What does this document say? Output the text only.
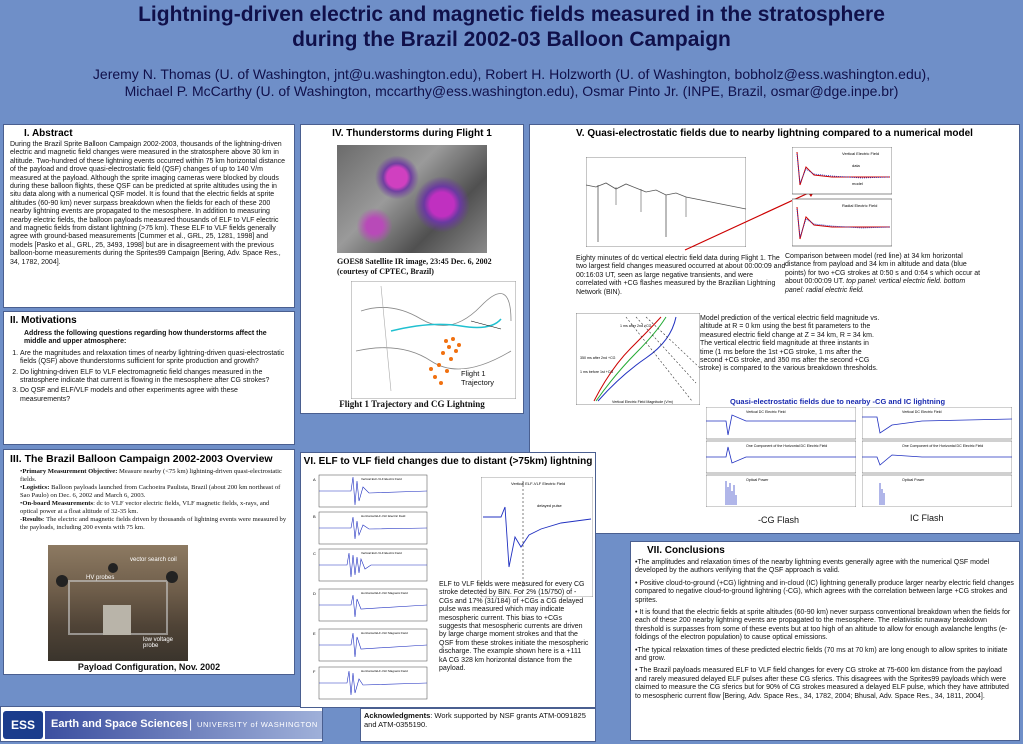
Lightning-driven electric and magnetic fields measured in the stratosphere
during the Brazil 2002-03 Balloon Campaign
Jeremy N. Thomas (U. of Washington, jnt@u.washington.edu), Robert H. Holzworth (U. of Washington, bobholz@ess.washington.edu),
Michael P. McCarthy (U. of Washington, mccarthy@ess.washington.edu), Osmar Pinto Jr. (INPE, Brazil, osmar@dge.inpe.br)
I. Abstract
During the Brazil Sprite Balloon Campaign 2002-2003, thousands of the lightning-driven electric and magnetic field changes were measured in the stratosphere above 30 km in altitude. Two-hundred of these lightning events occurred within 75 km horizontal distance of the payload and drove quasi-electrostatic field (QSF) changes of up to 140 V/m measured at the payload. Although the sprite imaging cameras were blocked by clouds during these balloon flights, these QSF can be predicted at sprite altitudes using the in situ data along with a numerical QSF model. It is found that the electric fields at sprite altitudes (60-90 km) never surpass breakdown when the fields for each of these 200 nearby lightning events are propagated to the mesosphere. In addition to measuring nearby electric fields, the balloon payloads measured thousands of ELF to VLF electric and magnetic fields from distant lightning (>75 km). These ELF to VLF fields generally agree with ground-based measurements [Cummer et al., GRL, 25, 1281, 1998] and models [Pasko et al., GRL, 25, 3493, 1998] but are in disagreement with the previous balloon-borne measurements during the Sprites99 Campaign [Bering, Adv. Space Res., 34, 1782, 2004].
II. Motivations
Address the following questions regarding how thunderstorms affect the middle and upper atmosphere:
1. Are the magnitudes and relaxation times of nearby lightning-driven quasi-electrostatic fields (QSF) above thunderstorms sufficient for sprite production and growth?
2. Do lightning-driven ELF to VLF electromagnetic field changes measured in the stratosphere indicate that current is flowing in the mesosphere after CG strokes?
3. Do QSF and ELF/VLF models and other experiments agree with these measurements?
III. The Brazil Balloon Campaign 2002-2003 Overview
•Primary Measurement Objective: Measure nearby (<75 km) lightning-driven quasi-electrostatic fields.
•Logistics: Balloon payloads launched from Cachoeira Paulista, Brazil (about 200 km northeast of Sao Paulo) on Dec. 6, 2002 and March 6, 2003.
•On-board Measurements: dc to VLF vector electric fields, VLF magnetic fields, x-rays, and optical power at a float altitude of 32-35 km.
-Results: The electric and magnetic fields driven by thousands of lightning events were measured by the payloads, including 200 events with 75 km.
vector search coil
HV probes
low voltage probe
Payload Configuration, Nov. 2002
ESS	Earth and Space Sciences | UNIVERSITY of WASHINGTON
IV. Thunderstorms during Flight 1
GOES8 Satellite IR image, 23:45 Dec. 6, 2002 (courtesy of CPTEC, Brazil)
Flight 1 Trajectory
Flight 1 Trajectory and CG Lightning
V. Quasi-electrostatic fields due to nearby lightning compared to a numerical model
Eighty minutes of dc vertical electric field data during Flight 1. The two largest field changes measured occurred at about 00:00:09 and 00:16:03 UT, seen as large negative transients, and were correlated with +CG flashes measured by the Brazilian Lightning Network (BIN).
Vertical Electric Field
Radial Electric Field
data
model
Comparison between model (red line) at 34 km horizontal distance from payload and 34 km in altitude and data (blue points) for two +CG strokes at 0:50 s and 0:64 s which occur at about 00:00:09 UT. top panel: vertical electric field. bottom panel: radial electric field.
1 ms after 2nd +CG
350 ms after 2nd +CG
1 ms before 1st +CG
Vertical Electric Field Magnitude (V/m)
Model prediction of the vertical electric field magnitude vs. altitude at R = 0 km using the best fit parameters to the measured electric field change at Z = 34 km, R = 34 km. The vertical electric field magnitude at three instants in time (1 ms before the 1st +CG stroke, 1 ms after the second +CG stroke, and 350 ms after the second +CG stroke) is compared to the various breakdown thresholds.
Quasi-electrostatic fields due to nearby -CG and IC lightning
Vertical DC Electric Field
One Component of the Horizontal DC Electric Field
Optical Power
Vertical DC Electric Field
One Component of the Horizontal DC Electric Field
Optical Power
-CG Flash	IC Flash
VI. ELF to VLF field changes due to distant (>75km) lightning
A
B
C
D
E
F
Vertical ELF-VLF Electric Field
Horizontal ELF-VLF Electric Field
Vertical ELF-VLF Electric Field
Horizontal ELF-VLF Magnetic Field
Horizontal ELF-VLF Magnetic Field
Horizontal ELF-VLF Magnetic Field
Vertical ELF-VLF Electric Field
delayed pulse
ELF to VLF fields were measured for every CG stroke detected by BIN. For 2% (15/750) of -CGs and 17% (31/184) of +CGs a CG delayed pulse was measured which may indicate mesospheric current. This bias to +CGs suggests that mesospheric currents are driven by large charge moment strokes and that the QSF from these strokes initiate the mesospheric discharge. The example shown here is a +111 kA CG 328 km horizontal distance from the payload.
Acknowledgments: Work supported by NSF grants ATM-0091825 and ATM-0355190.
VII. Conclusions

•The amplitudes and relaxation times of the nearby lightning events generally agree with the numerical QSF model developed by the authors verifying that the QSF approach is valid.

• Positive cloud-to-ground (+CG) lightning and in-cloud (IC) lightning generally produce larger nearby electric field changes compared to negative cloud-to-ground lightning (-CG), which agrees with the correlation between large +CG strokes and sprites.

• It is found that the electric fields at sprite altitudes (60-90 km) never surpass conventional breakdown when the fields for each of these 200 nearby lightning events are propagated to the mesosphere. The relativistic runaway breakdown threshold is surpasses from some of these events but at too high of an altitude to allow for enough avalanche lengths (e-foldings of the electron population) to cause optical emissions.

•The typical relaxation times of these predicted electric fields (70 ms at 70 km) are long enough to allow sprites to initiate and grow.

• The Brazil payloads measured ELF to VLF field changes for every CG stroke at 75-600 km distance from the payload and rarely measured delayed ELF pulses after these CG sferics. This disagrees with the Sprites99 payloads which were claimed to measure the CG sferics but for 90% of CG strokes measured a delayed ELF pulse, which they have attributed to mesospheric current flow [Bering, Adv. Space Res., 34, 1782, 2004; Bhusal, Adv. Space Res., 34, 1811, 2004].
